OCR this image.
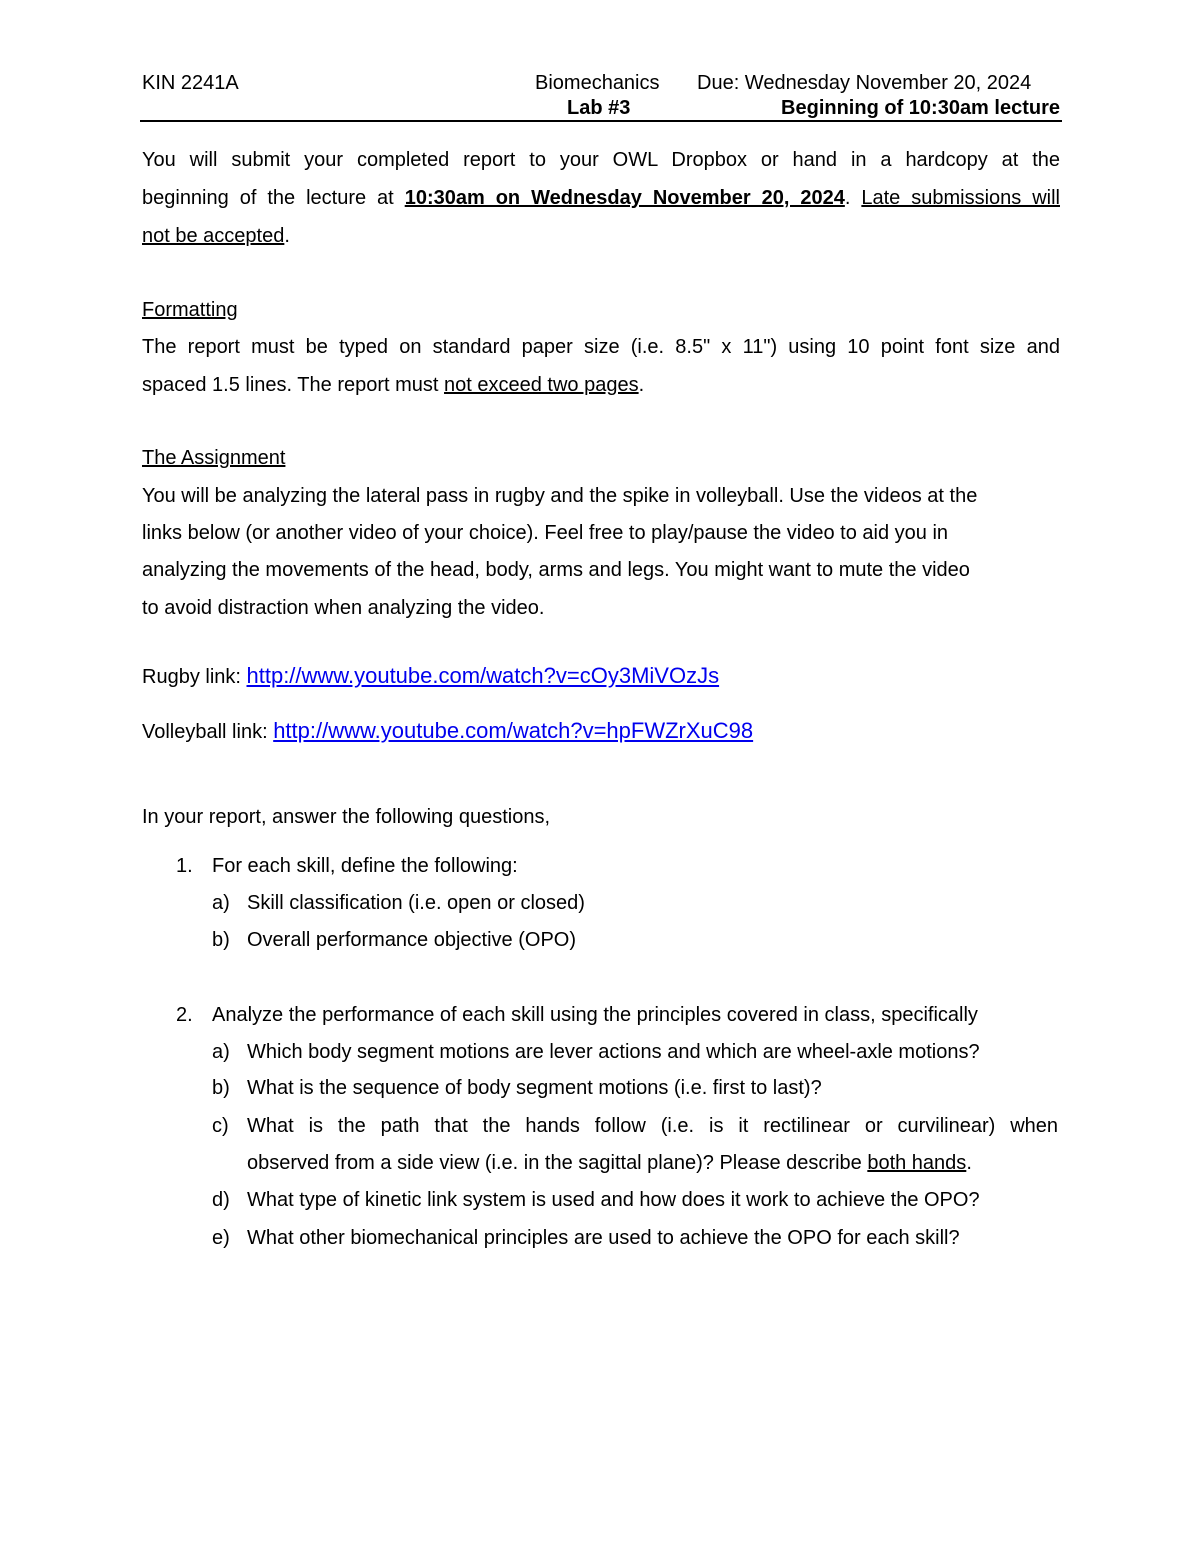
KIN 2241A	Biomechanics Due: Wednesday November 20, 2024
Lab #3	Beginning of 10:30am lecture
You will submit your completed report to your OWL Dropbox or hand in a hardcopy at the
beginning of the lecture at 10:30am on Wednesday November 20, 2024. Late submissions will
not be accepted.
Formatting
The report must be typed on standard paper size (i.e. 8.5" x 11") using 10 point font size and
spaced 1.5 lines. The report must not exceed two pages.
The Assignment
You will be analyzing the lateral pass in rugby and the spike in volleyball. Use the videos at the
links below (or another video of your choice). Feel free to play/pause the video to aid you in
analyzing the movements of the head, body, arms and legs. You might want to mute the video
to avoid distraction when analyzing the video.
Rugby link: http://www.youtube.com/watch?v=cOy3MiVOzJs
Volleyball link: http://www.youtube.com/watch?v=hpFWZrXuC98
In your report, answer the following questions,
1. For each skill, define the following:
a) Skill classification (i.e. open or closed)
b) Overall performance objective (OPO)
2. Analyze the performance of each skill using the principles covered in class, specifically
a) Which body segment motions are lever actions and which are wheel-axle motions?
b) What is the sequence of body segment motions (i.e. first to last)?
c) What is the path that the hands follow (i.e. is it rectilinear or curvilinear) when
observed from a side view (i.e. in the sagittal plane)? Please describe both hands.
d) What type of kinetic link system is used and how does it work to achieve the OPO?
e) What other biomechanical principles are used to achieve the OPO for each skill?
